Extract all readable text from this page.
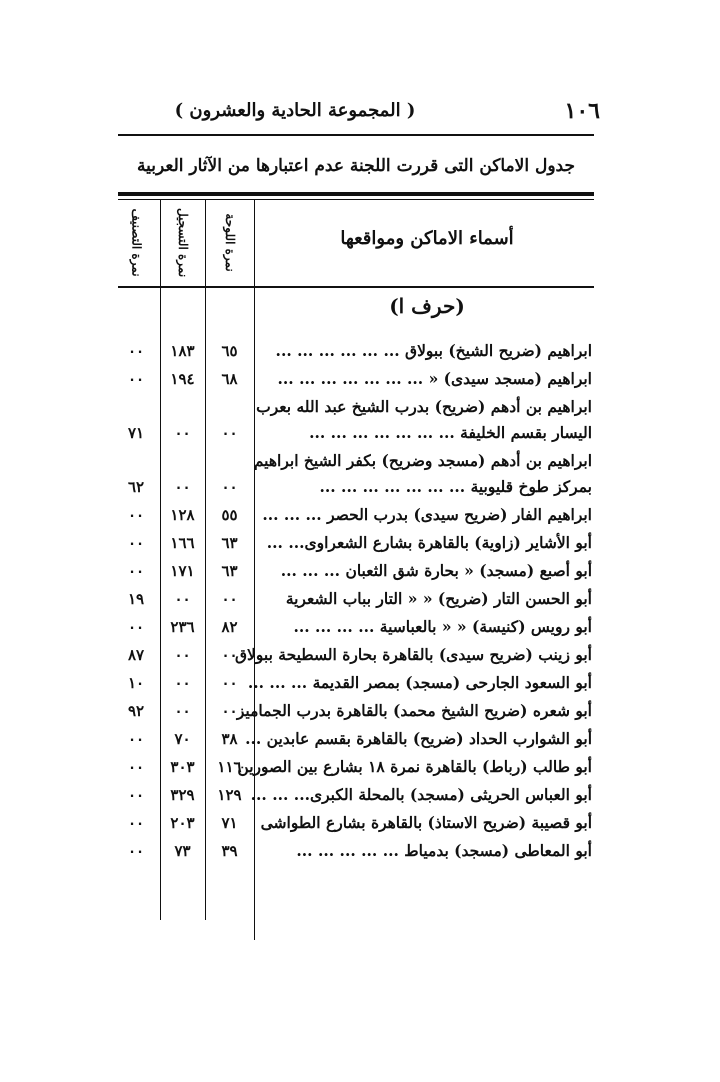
١٠٦
( المجموعة الحادية والعشرون )
جدول الاماكن التى قررت اللجنة عدم اعتبارها من الآثار العربية
أسماء الاماكن ومواقعها
نمرة اللوحة
نمرة التسجيل
نمرة التصنيف
(حرف ا)
ابراهيم (ضريح الشيخ) ببولاق ... ... ... ... ... ...
٦٥
١٨٣
٠٠
ابراهيم (مسجد سيدى) « ... ... ... ... ... ... ...
٦٨
١٩٤
٠٠
ابراهيم بن أدهم (ضريح) بدرب الشيخ عبد الله بعرب
اليسار بقسم الخليفة ... ... ... ... ... ... ...
٠٠
٠٠
٧١
ابراهيم بن أدهم (مسجد وضريح) بكفر الشيخ ابراهيم
بمركز طوخ قليوبية ... ... ... ... ... ... ...
٠٠
٠٠
٦٢
ابراهيم الفار (ضريح سيدى) بدرب الحصر ... ... ...
٥٥
١٢٨
٠٠
أبو الأشاير (زاوية) بالقاهرة بشارع الشعراوى... ...
٦٣
١٦٦
٠٠
أبو أصبع (مسجد) « بحارة شق الثعبان ... ... ...
٦٣
١٧١
٠٠
أبو الحسن التار (ضريح) « « التار بباب الشعرية
٠٠
٠٠
١٩
أبو رويس (كنيسة) « « بالعباسية ... ... ... ...
٨٢
٢٣٦
٠٠
أبو زينب (ضريح سيدى) بالقاهرة بحارة السطيحة ببولاق
٠٠
٠٠
٨٧
أبو السعود الجارحى (مسجد) بمصر القديمة ... ... ...
٠٠
٠٠
١٠
أبو شعره (ضريح الشيخ محمد) بالقاهرة بدرب الجماميز
٠٠
٠٠
٩٢
أبو الشوارب الحداد (ضريح) بالقاهرة بقسم عابدين ...
٣٨
٧٠
٠٠
أبو طالب (رباط) بالقاهرة نمرة ١٨ بشارع بين الصورين
١١٦
٣٠٣
٠٠
أبو العباس الحريثى (مسجد) بالمحلة الكبرى... ... ...
١٢٩
٣٢٩
٠٠
أبو قصيبة (ضريح الاستاذ) بالقاهرة بشارع الطواشى
٧١
٢٠٣
٠٠
أبو المعاطى (مسجد) بدمياط ... ... ... ... ...
٣٩
٧٣
٠٠
